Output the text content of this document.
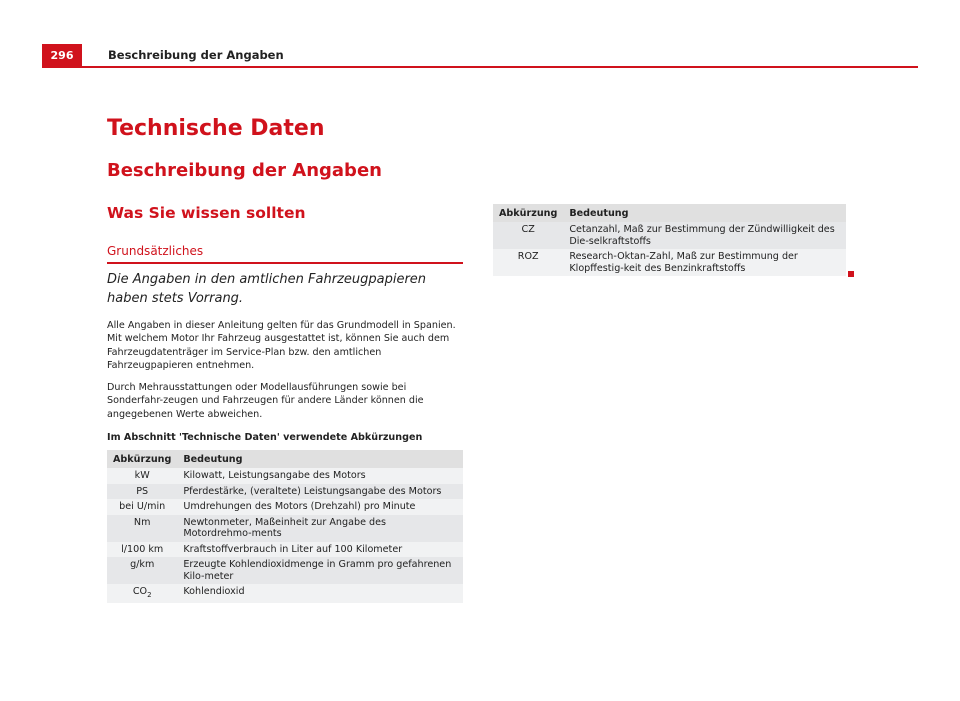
296	Beschreibung der Angaben
Technische Daten
Beschreibung der Angaben
Was Sie wissen sollten
Grundsätzliches
Die Angaben in den amtlichen Fahrzeugpapieren haben stets Vorrang.
Alle Angaben in dieser Anleitung gelten für das Grundmodell in Spanien. Mit welchem Motor Ihr Fahrzeug ausgestattet ist, können Sie auch dem Fahrzeugdatenträger im Service-Plan bzw. den amtlichen Fahrzeugpapieren entnehmen.
Durch Mehrausstattungen oder Modellausführungen sowie bei Sonderfahr-zeugen und Fahrzeugen für andere Länder können die angegebenen Werte abweichen.
Im Abschnitt 'Technische Daten' verwendete Abkürzungen
Abkürzung	Bedeutung
kW	Kilowatt, Leistungsangabe des Motors
PS	Pferdestärke, (veraltete) Leistungsangabe des Motors
bei U/min	Umdrehungen des Motors (Drehzahl) pro Minute
Nm	Newtonmeter, Maßeinheit zur Angabe des Motordrehmo-ments
l/100 km	Kraftstoffverbrauch in Liter auf 100 Kilometer
g/km	Erzeugte Kohlendioxidmenge in Gramm pro gefahrenen Kilo-meter
$CO_2$	Kohlendioxid
Abkürzung	Bedeutung
CZ	Cetanzahl, Maß zur Bestimmung der Zündwilligkeit des Die-selkraftstoffs
ROZ	Research-Oktan-Zahl, Maß zur Bestimmung der Klopffestig-keit des Benzinkraftstoffs
